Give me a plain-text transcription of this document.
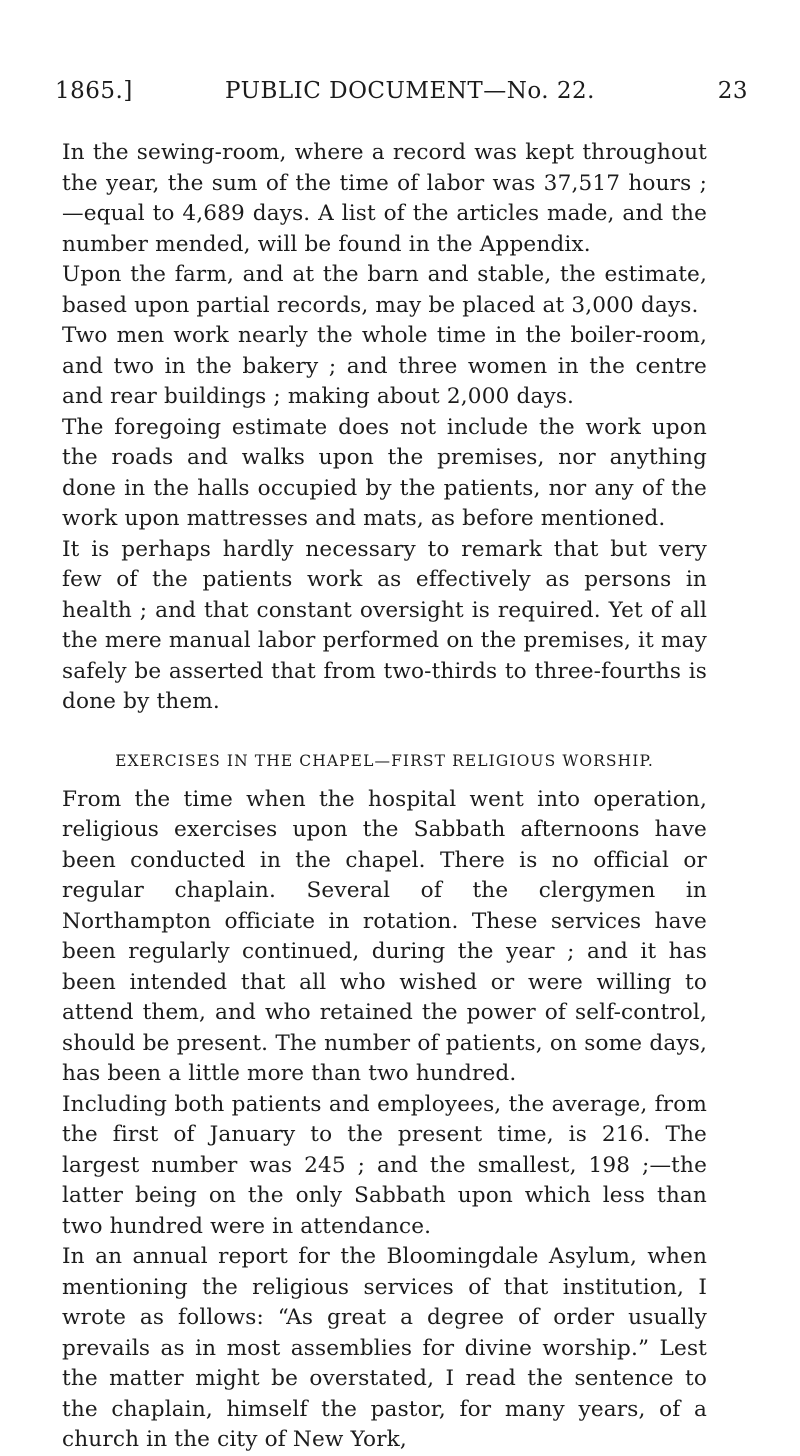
1865.]	PUBLIC DOCUMENT—No. 22.	23

In the sewing-room, where a record was kept throughout the year, the sum of the time of labor was 37,517 hours ;—equal to 4,689 days. A list of the articles made, and the number mended, will be found in the Appendix.

Upon the farm, and at the barn and stable, the estimate, based upon partial records, may be placed at 3,000 days.

Two men work nearly the whole time in the boiler-room, and two in the bakery ; and three women in the centre and rear buildings ; making about 2,000 days.

The foregoing estimate does not include the work upon the roads and walks upon the premises, nor anything done in the halls occupied by the patients, nor any of the work upon mattresses and mats, as before mentioned.

It is perhaps hardly necessary to remark that but very few of the patients work as effectively as persons in health ; and that constant oversight is required. Yet of all the mere manual labor performed on the premises, it may safely be asserted that from two-thirds to three-fourths is done by them.

EXERCISES IN THE CHAPEL—FIRST RELIGIOUS WORSHIP.

From the time when the hospital went into operation, religious exercises upon the Sabbath afternoons have been conducted in the chapel. There is no official or regular chaplain. Several of the clergymen in Northampton officiate in rotation. These services have been regularly continued, during the year ; and it has been intended that all who wished or were willing to attend them, and who retained the power of self-control, should be present. The number of patients, on some days, has been a little more than two hundred.

Including both patients and employees, the average, from the first of January to the present time, is 216. The largest number was 245 ; and the smallest, 198 ;—the latter being on the only Sabbath upon which less than two hundred were in attendance.

In an annual report for the Bloomingdale Asylum, when mentioning the religious services of that institution, I wrote as follows: “As great a degree of order usually prevails as in most assemblies for divine worship.” Lest the matter might be overstated, I read the sentence to the chaplain, himself the pastor, for many years, of a church in the city of New York,
